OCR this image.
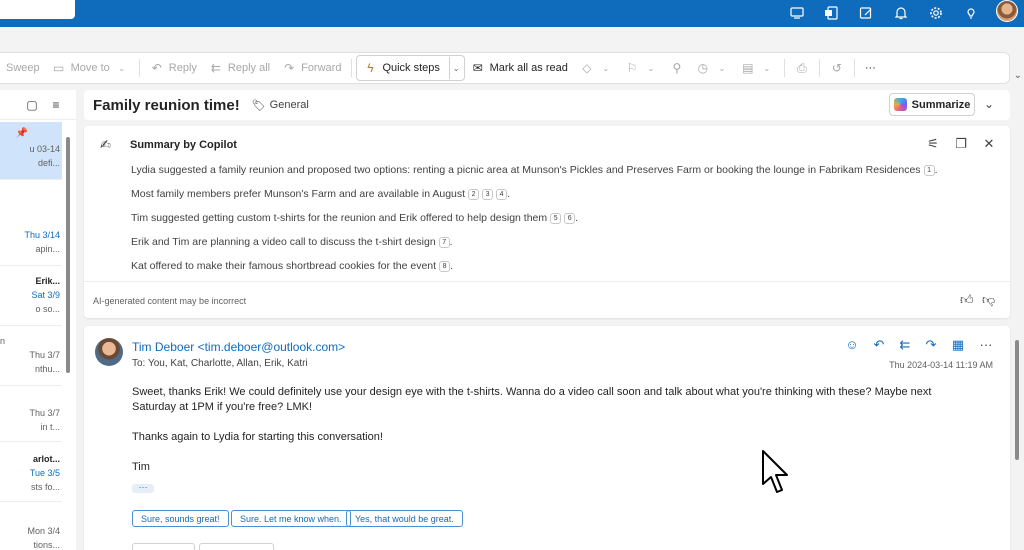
Sweep ▭ Move to	⌄	↶ Reply ⇇ Reply all ↷ Forward	ϟ Quick steps	⌄ ✉ Mark all as read ◇	⌄	⚐	⌄	⚲ ◷	⌄	▤	⌄	⎙ ↺ ···
⌄
▢ ≡
📌
u 03-14
defi...
Thu 3/14
apin...
Erik...
Sat 3/9
o so...
n
Thu 3/7
nthu...
Thu 3/7
in t...
arlot...
Tue 3/5
sts fo...
Mon 3/4
tions...
Family reunion time! 🏷 General	Summarize ⌄
✍ Summary by Copilot	⚟ ❐ ✕
Lydia suggested a family reunion and proposed two options: renting a picnic area at Munson's Pickles and Preserves Farm or booking the lounge in Fabrikam Residences 1 .
Most family members prefer Munson's Farm and are available in August 2	3	4 .
Tim suggested getting custom t-shirts for the reunion and Erik offered to help design them 5	6 .
Erik and Tim are planning a video call to discuss the t-shirt design 7 .
Kat offered to make their famous shortbread cookies for the event 8 .
AI-generated content may be incorrect	👍︎ 👎︎
Tim Deboer <tim.deboer@outlook.com>
To: You, Kat, Charlotte, Allan, Erik, Katri
☺ ↶ ⇇ ↷ ▦ ···
Thu 2024-03-14 11:19 AM
Sweet, thanks Erik! We could definitely use your design eye with the t-shirts. Wanna do a video call soon and talk about what you're thinking with these? Maybe next
Saturday at 1PM if you're free? LMK!
Thanks again to Lydia for starting this conversation!
Tim
···
Sure, sounds great!	Sure. Let me know when.	Yes, that would be great.
